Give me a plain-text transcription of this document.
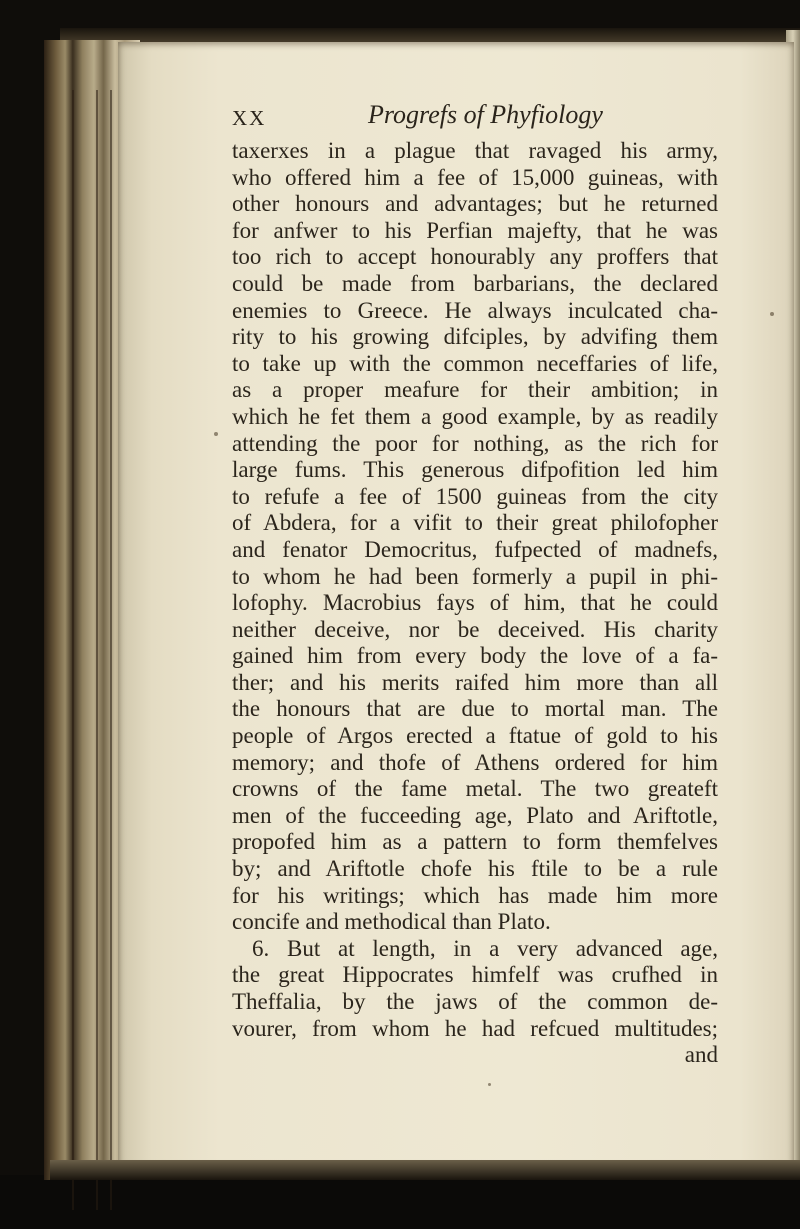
XX	Progrefs of Phyfiology
taxerxes in a plague that ravaged his army,
who offered him a fee of 15,000 guineas, with
other honours and advantages; but he returned
for anfwer to his Perfian majefty, that he was
too rich to accept honourably any proffers that
could be made from barbarians, the declared
enemies to Greece. He always inculcated cha-
rity to his growing difciples, by advifing them
to take up with the common neceffaries of life,
as a proper meafure for their ambition; in
which he fet them a good example, by as readily
attending the poor for nothing, as the rich for
large fums. This generous difpofition led him
to refufe a fee of 1500 guineas from the city
of Abdera, for a vifit to their great philofopher
and fenator Democritus, fufpected of madnefs,
to whom he had been formerly a pupil in phi-
lofophy. Macrobius fays of him, that he could
neither deceive, nor be deceived. His charity
gained him from every body the love of a fa-
ther; and his merits raifed him more than all
the honours that are due to mortal man. The
people of Argos erected a ftatue of gold to his
memory; and thofe of Athens ordered for him
crowns of the fame metal. The two greateft
men of the fucceeding age, Plato and Ariftotle,
propofed him as a pattern to form themfelves
by; and Ariftotle chofe his ftile to be a rule
for his writings; which has made him more
concife and methodical than Plato.
6. But at length, in a very advanced age,
the great Hippocrates himfelf was crufhed in
Theffalia, by the jaws of the common de-
vourer, from whom he had refcued multitudes;
and
